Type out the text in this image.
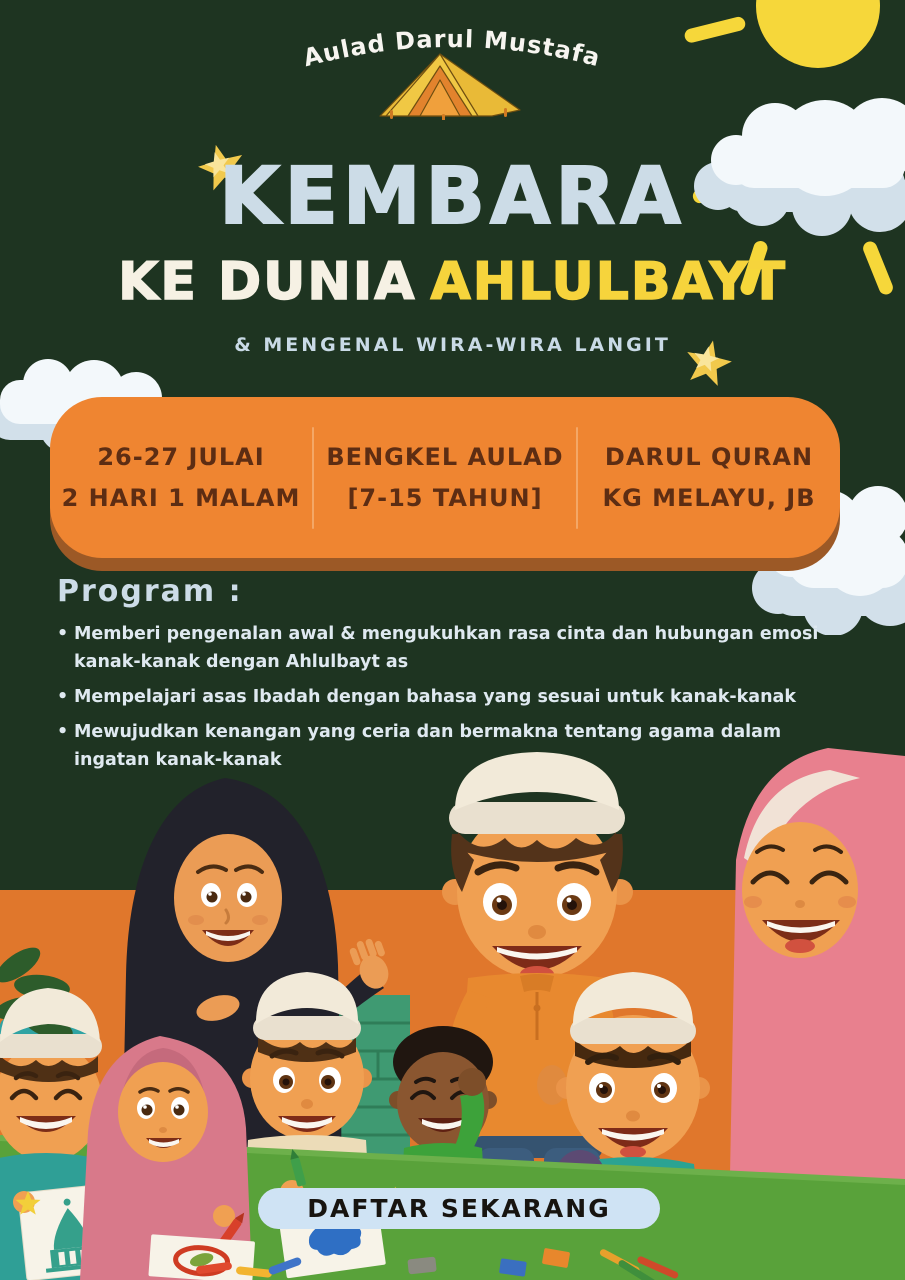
Aulad Darul Mustafa
KEMBARA
KE DUNIA AHLULBAYT
& MENGENAL WIRA-WIRA LANGIT
26-27 JULAI
2 HARI 1 MALAM
BENGKEL AULAD
[7-15 TAHUN]
DARUL QURAN
KG MELAYU, JB
Program :
• Memberi pengenalan awal & mengukuhkan rasa cinta dan hubungan emosi kanak-kanak dengan Ahlulbayt as
• Mempelajari asas Ibadah dengan bahasa yang sesuai untuk kanak-kanak
• Mewujudkan kenangan yang ceria dan bermakna tentang agama dalam ingatan kanak-kanak
DAFTAR SEKARANG
